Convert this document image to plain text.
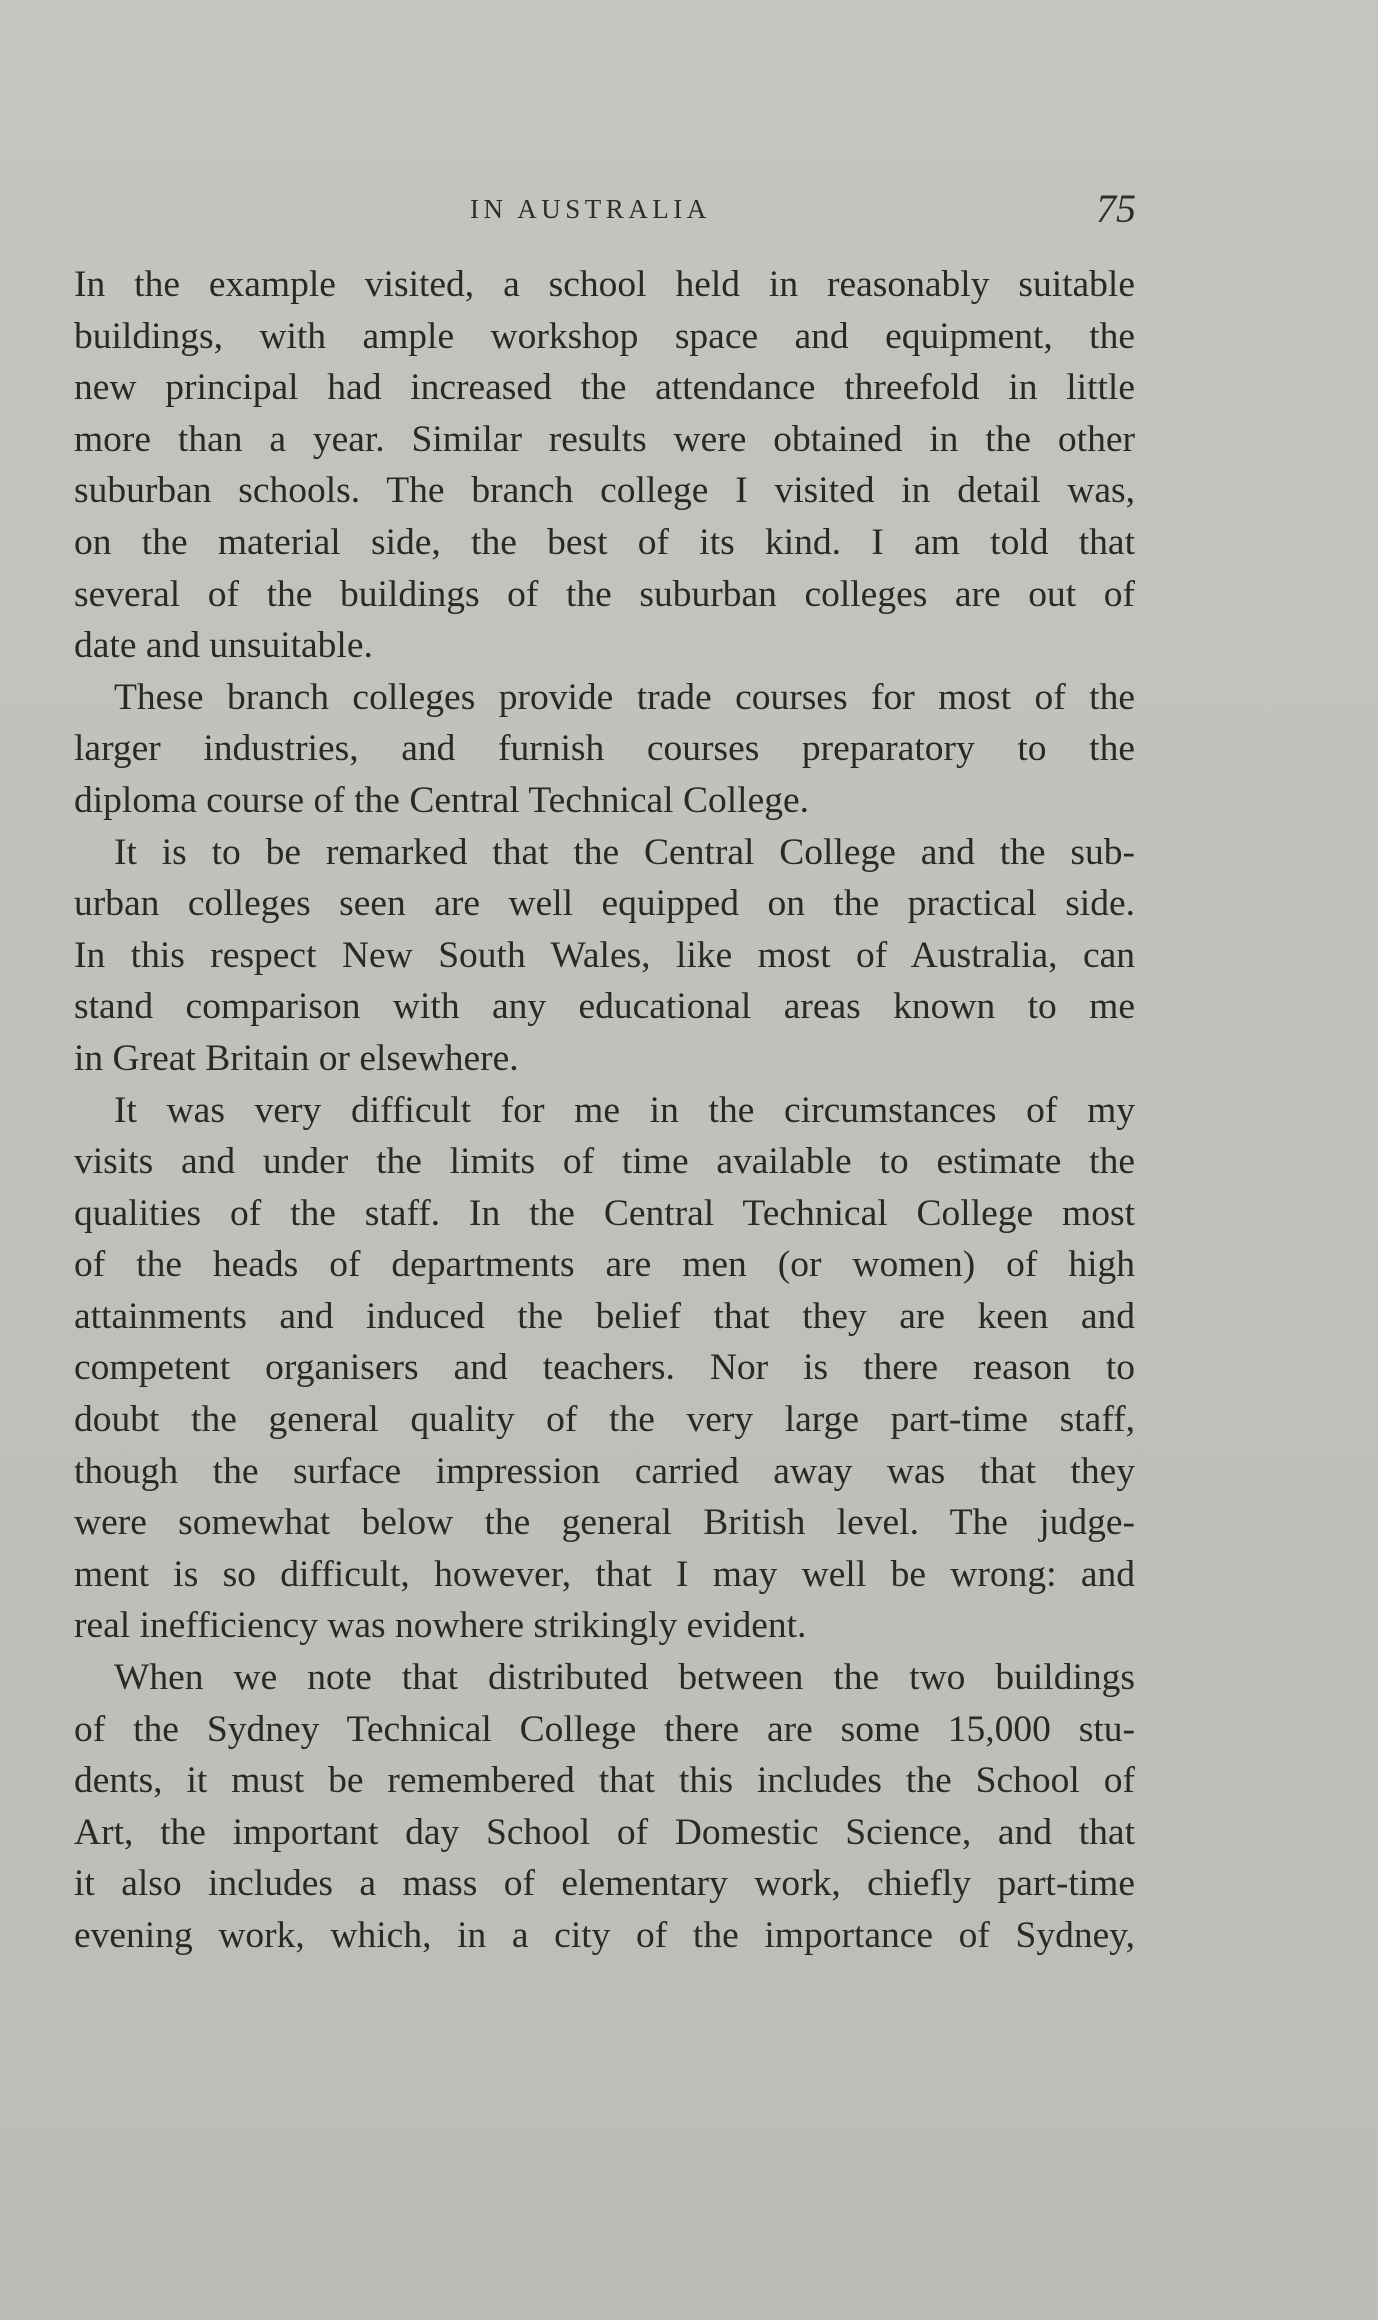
IN AUSTRALIA	75
In the example visited, a school held in reasonably suitable
buildings, with ample workshop space and equipment, the
new principal had increased the attendance threefold in little
more than a year. Similar results were obtained in the other
suburban schools. The branch college I visited in detail was,
on the material side, the best of its kind. I am told that
several of the buildings of the suburban colleges are out of
date and unsuitable.
These branch colleges provide trade courses for most of the
larger industries, and furnish courses preparatory to the
diploma course of the Central Technical College.
It is to be remarked that the Central College and the sub-
urban colleges seen are well equipped on the practical side.
In this respect New South Wales, like most of Australia, can
stand comparison with any educational areas known to me
in Great Britain or elsewhere.
It was very difficult for me in the circumstances of my
visits and under the limits of time available to estimate the
qualities of the staff. In the Central Technical College most
of the heads of departments are men (or women) of high
attainments and induced the belief that they are keen and
competent organisers and teachers. Nor is there reason to
doubt the general quality of the very large part-time staff,
though the surface impression carried away was that they
were somewhat below the general British level. The judge-
ment is so difficult, however, that I may well be wrong: and
real inefficiency was nowhere strikingly evident.
When we note that distributed between the two buildings
of the Sydney Technical College there are some 15,000 stu-
dents, it must be remembered that this includes the School of
Art, the important day School of Domestic Science, and that
it also includes a mass of elementary work, chiefly part-time
evening work, which, in a city of the importance of Sydney,
